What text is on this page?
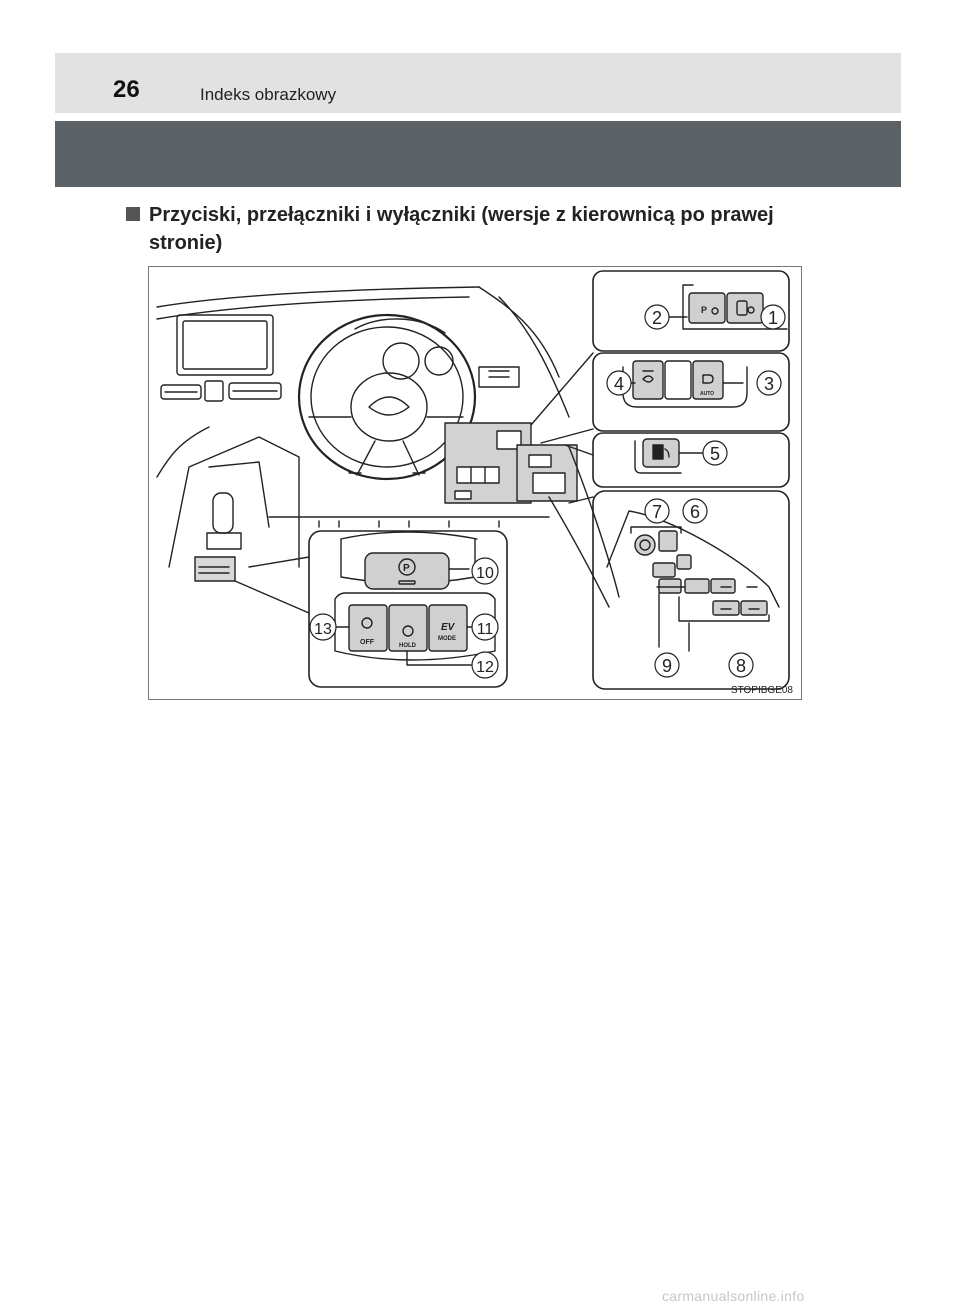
26	Indeks obrazkowy
Przyciski, przełączniki i wyłączniki (wersje z kierownicą po prawej stronie)
P
AUTO
P
OFF	HOLD
EV
MODE
1
2
3
4
5
6
7
8
9
10
11
12
13
STOPIBGE08
carmanualsonline.info
